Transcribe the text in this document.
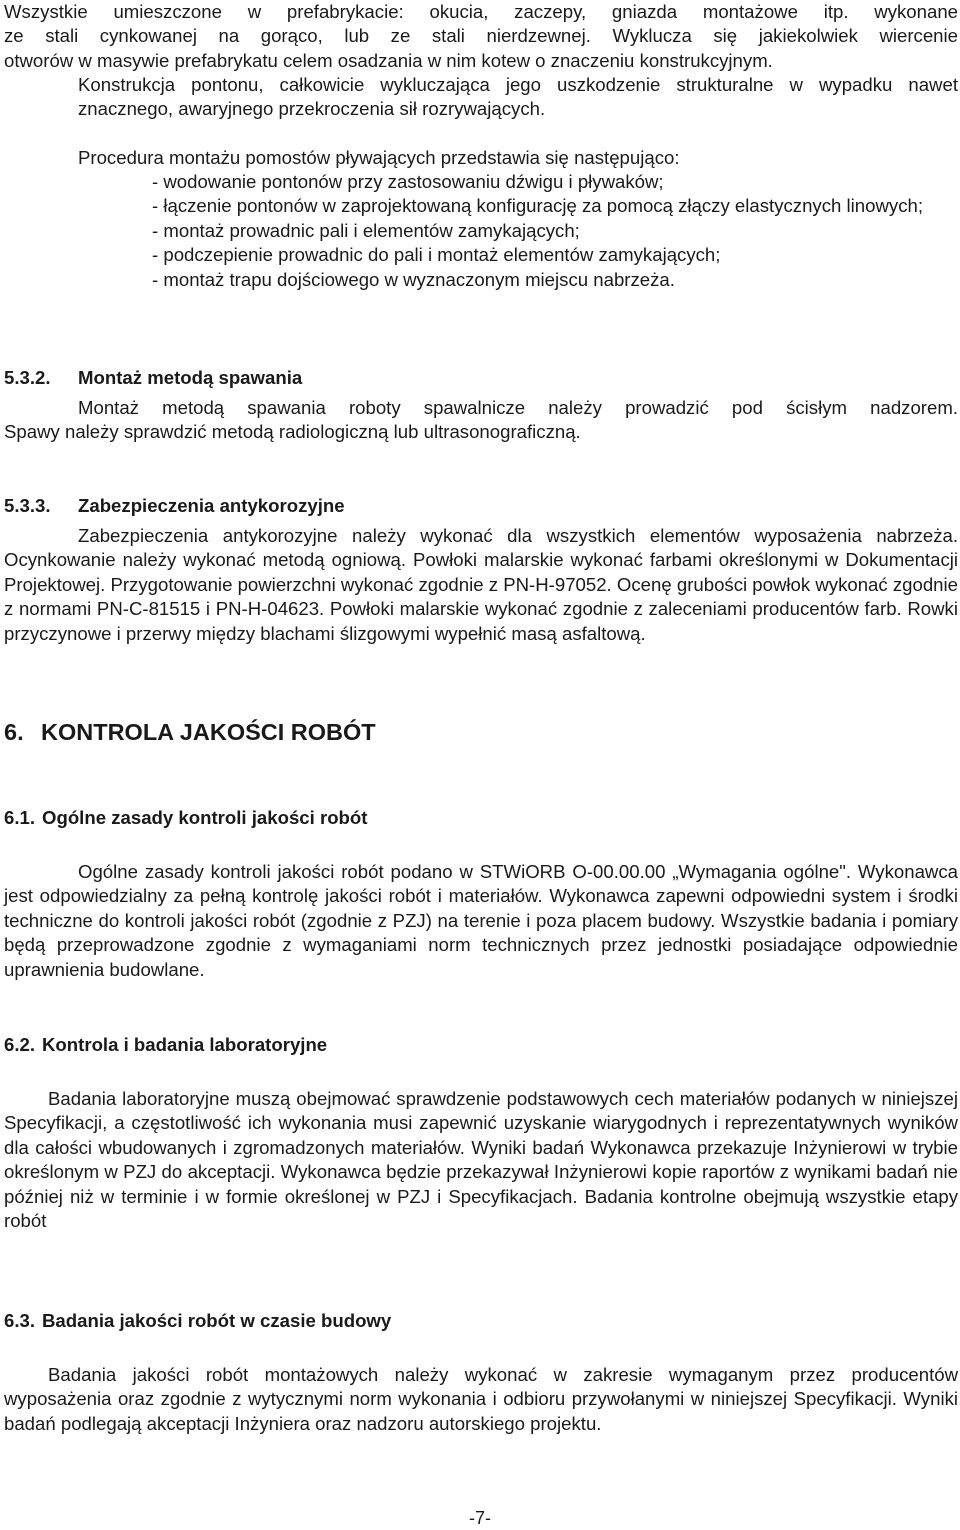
Wszystkie umieszczone w prefabrykacie: okucia, zaczepy, gniazda montażowe itp. wykonane

ze stali cynkowanej na gorąco, lub ze stali nierdzewnej. Wyklucza się jakiekolwiek wiercenie

otworów w masywie prefabrykatu celem osadzania w nim kotew o znaczeniu konstrukcyjnym.

Konstrukcja pontonu, całkowicie wykluczająca jego uszkodzenie strukturalne w wypadku nawet znacznego, awaryjnego przekroczenia sił rozrywających.

Procedura montażu pomostów pływających przedstawia się następująco:

- wodowanie pontonów przy zastosowaniu dźwigu i pływaków;
- łączenie pontonów w zaprojektowaną konfigurację za pomocą złączy elastycznych linowych;
- montaż prowadnic pali i elementów zamykających;
- podczepienie prowadnic do pali i montaż elementów zamykających;
- montaż trapu dojściowego w wyznaczonym miejscu nabrzeża.
5.3.2. Montaż metodą spawania

Montaż metodą spawania roboty spawalnicze należy prowadzić pod ścisłym nadzorem.

Spawy należy sprawdzić metodą radiologiczną lub ultrasonograficzną.

5.3.3. Zabezpieczenia antykorozyjne

Zabezpieczenia antykorozyjne należy wykonać dla wszystkich elementów wyposażenia nabrzeża. Ocynkowanie należy wykonać metodą ogniową. Powłoki malarskie wykonać farbami określonymi w Dokumentacji Projektowej. Przygotowanie powierzchni wykonać zgodnie z PN-H-97052. Ocenę grubości powłok wykonać zgodnie z normami PN-C-81515 i PN-H-04623. Powłoki malarskie wykonać zgodnie z zaleceniami producentów farb. Rowki przyczynowe i przerwy między blachami ślizgowymi wypełnić masą asfaltową.

6. KONTROLA JAKOŚCI ROBÓT
6.1. Ogólne zasady kontroli jakości robót

Ogólne zasady kontroli jakości robót podano w STWiORB O-00.00.00 „Wymagania ogólne". Wykonawca jest odpowiedzialny za pełną kontrolę jakości robót i materiałów. Wykonawca zapewni odpowiedni system i środki techniczne do kontroli jakości robót (zgodnie z PZJ) na terenie i poza placem budowy. Wszystkie badania i pomiary będą przeprowadzone zgodnie z wymaganiami norm technicznych przez jednostki posiadające odpowiednie uprawnienia budowlane.

6.2. Kontrola i badania laboratoryjne

Badania laboratoryjne muszą obejmować sprawdzenie podstawowych cech materiałów podanych w niniejszej Specyfikacji, a częstotliwość ich wykonania musi zapewnić uzyskanie wiarygodnych i reprezentatywnych wyników dla całości wbudowanych i zgromadzonych materiałów. Wyniki badań Wykonawca przekazuje Inżynierowi w trybie określonym w PZJ do akceptacji. Wykonawca będzie przekazywał Inżynierowi kopie raportów z wynikami badań nie później niż w terminie i w formie określonej w PZJ i Specyfikacjach. Badania kontrolne obejmują wszystkie etapy robót

6.3. Badania jakości robót w czasie budowy

Badania jakości robót montażowych należy wykonać w zakresie wymaganym przez producentów wyposażenia oraz zgodnie z wytycznymi norm wykonania i odbioru przywołanymi w niniejszej Specyfikacji. Wyniki badań podlegają akceptacji Inżyniera oraz nadzoru autorskiego projektu.

-7-
